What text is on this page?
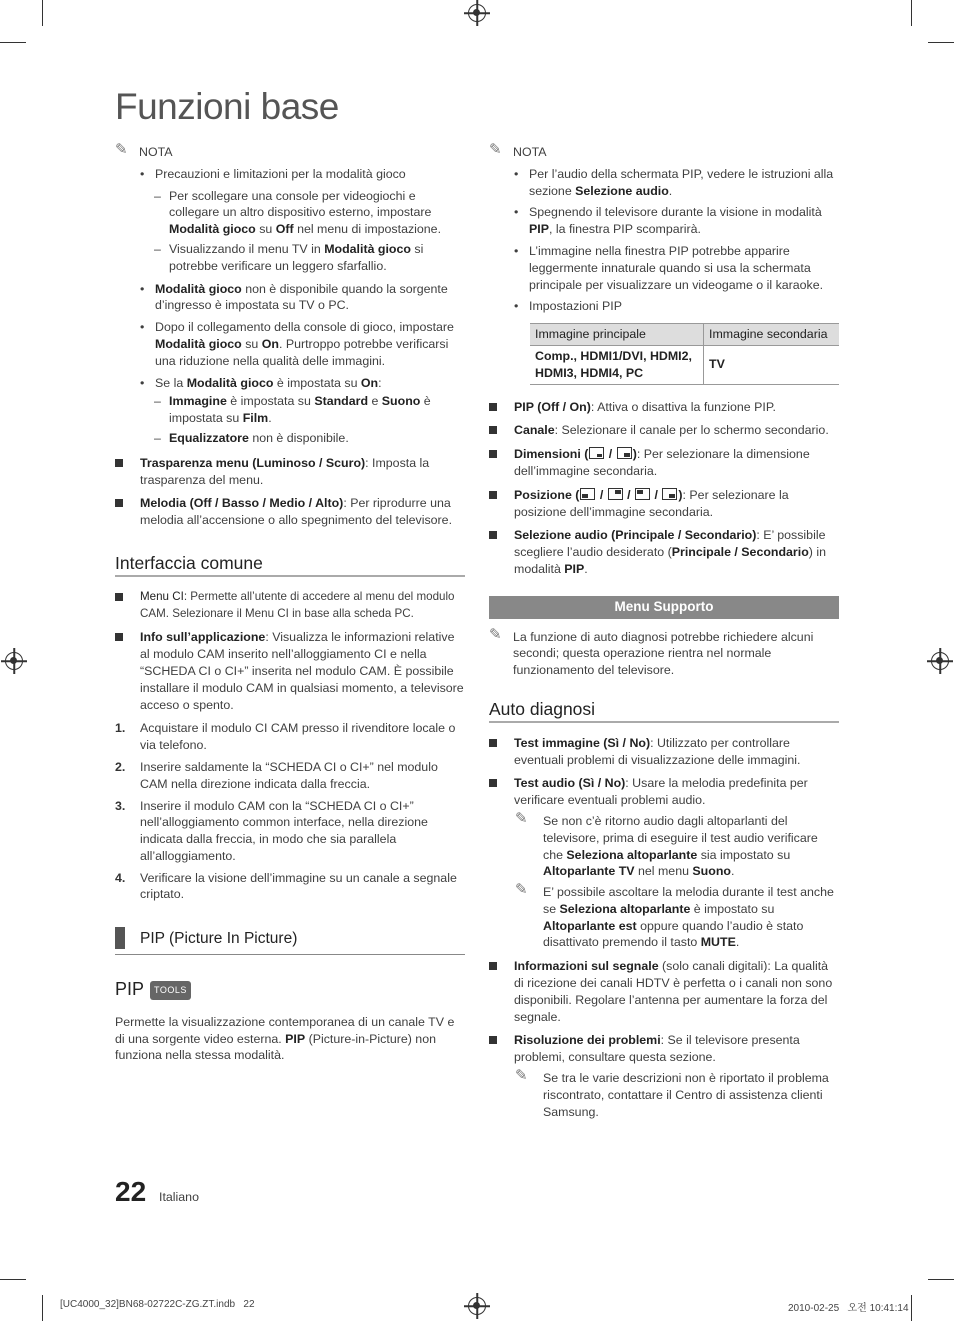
Funzioni base
✎ NOTA
• Precauzioni e limitazioni per la modalità gioco
– Per scollegare una console per videogiochi e collegare un altro dispositivo esterno, impostare Modalità gioco su Off nel menu di impostazione.
– Visualizzando il menu TV in Modalità gioco si potrebbe verificare un leggero sfarfallio.
• Modalità gioco non è disponibile quando la sorgente d’ingresso è impostata su TV o PC.
• Dopo il collegamento della console di gioco, impostare Modalità gioco su On. Purtroppo potrebbe verificarsi una riduzione nella qualità delle immagini.
• Se la Modalità gioco è impostata su On:
– Immagine è impostata su Standard e Suono è impostata su Film.
– Equalizzatore non è disponibile.
Trasparenza menu (Luminoso / Scuro): Imposta la trasparenza del menu.
Melodia (Off / Basso / Medio / Alto): Per riprodurre una melodia all’accensione o allo spegnimento del televisore.
Interfaccia comune
Menu CI: Permette all’utente di accedere al menu del modulo CAM. Selezionare il Menu CI in base alla scheda PC.
Info sull’applicazione: Visualizza le informazioni relative al modulo CAM inserito nell’alloggiamento CI e nella “SCHEDA CI o CI+” inserita nel modulo CAM. È possibile installare il modulo CAM in qualsiasi momento, a televisore acceso o spento.
1. Acquistare il modulo CI CAM presso il rivenditore locale o via telefono.
2. Inserire saldamente la “SCHEDA CI o CI+” nel modulo CAM nella direzione indicata dalla freccia.
3. Inserire il modulo CAM con la “SCHEDA CI o CI+” nell’alloggiamento common interface, nella direzione indicata dalla freccia, in modo che sia parallela all’alloggiamento.
4. Verificare la visione dell’immagine su un canale a segnale criptato.
PIP (Picture In Picture)
PIP TOOLS
Permette la visualizzazione contemporanea di un canale TV e di una sorgente video esterna. PIP (Picture-in-Picture) non funziona nella stessa modalità.
✎ NOTA
• Per l’audio della schermata PIP, vedere le istruzioni alla sezione Selezione audio.
• Spegnendo il televisore durante la visione in modalità PIP, la finestra PIP scomparirà.
• L’immagine nella finestra PIP potrebbe apparire leggermente innaturale quando si usa la schermata principale per visualizzare un videogame o il karaoke.
• Impostazioni PIP
Immagine principale	Immagine secondaria
Comp., HDMI1/DVI, HDMI2, HDMI3, HDMI4, PC	TV
PIP (Off / On): Attiva o disattiva la funzione PIP.
Canale: Selezionare il canale per lo schermo secondario.
Dimensioni (
/
): Per selezionare la dimensione dell’immagine secondaria.
Posizione (
/
/
/
): Per selezionare la posizione dell’immagine secondaria.
Selezione audio (Principale / Secondario): E’ possibile scegliere l’audio desiderato (Principale / Secondario) in modalità PIP.
Menu Supporto
✎ La funzione di auto diagnosi potrebbe richiedere alcuni secondi; questa operazione rientra nel normale funzionamento del televisore.
Auto diagnosi
Test immagine (Sì / No): Utilizzato per controllare eventuali problemi di visualizzazione delle immagini.
Test audio (Sì / No): Usare la melodia predefinita per verificare eventuali problemi audio.
✎ Se non c’è ritorno audio dagli altoparlanti del televisore, prima di eseguire il test audio verificare che Seleziona altoparlante sia impostato su Altoparlante TV nel menu Suono.
✎ E’ possibile ascoltare la melodia durante il test anche se Seleziona altoparlante è impostato su Altoparlante est oppure quando l’audio è stato disattivato premendo il tasto MUTE.
Informazioni sul segnale (solo canali digitali): La qualità di ricezione dei canali HDTV è perfetta o i canali non sono disponibili. Regolare l’antenna per aumentare la forza del segnale.
Risoluzione dei problemi: Se il televisore presenta problemi, consultare questa sezione.
✎ Se tra le varie descrizioni non è riportato il problema riscontrato, contattare il Centro di assistenza clienti Samsung.
22 Italiano
[UC4000_32]BN68-02722C-ZG.ZT.indb   22	2010-02-25   오전 10:41:14
